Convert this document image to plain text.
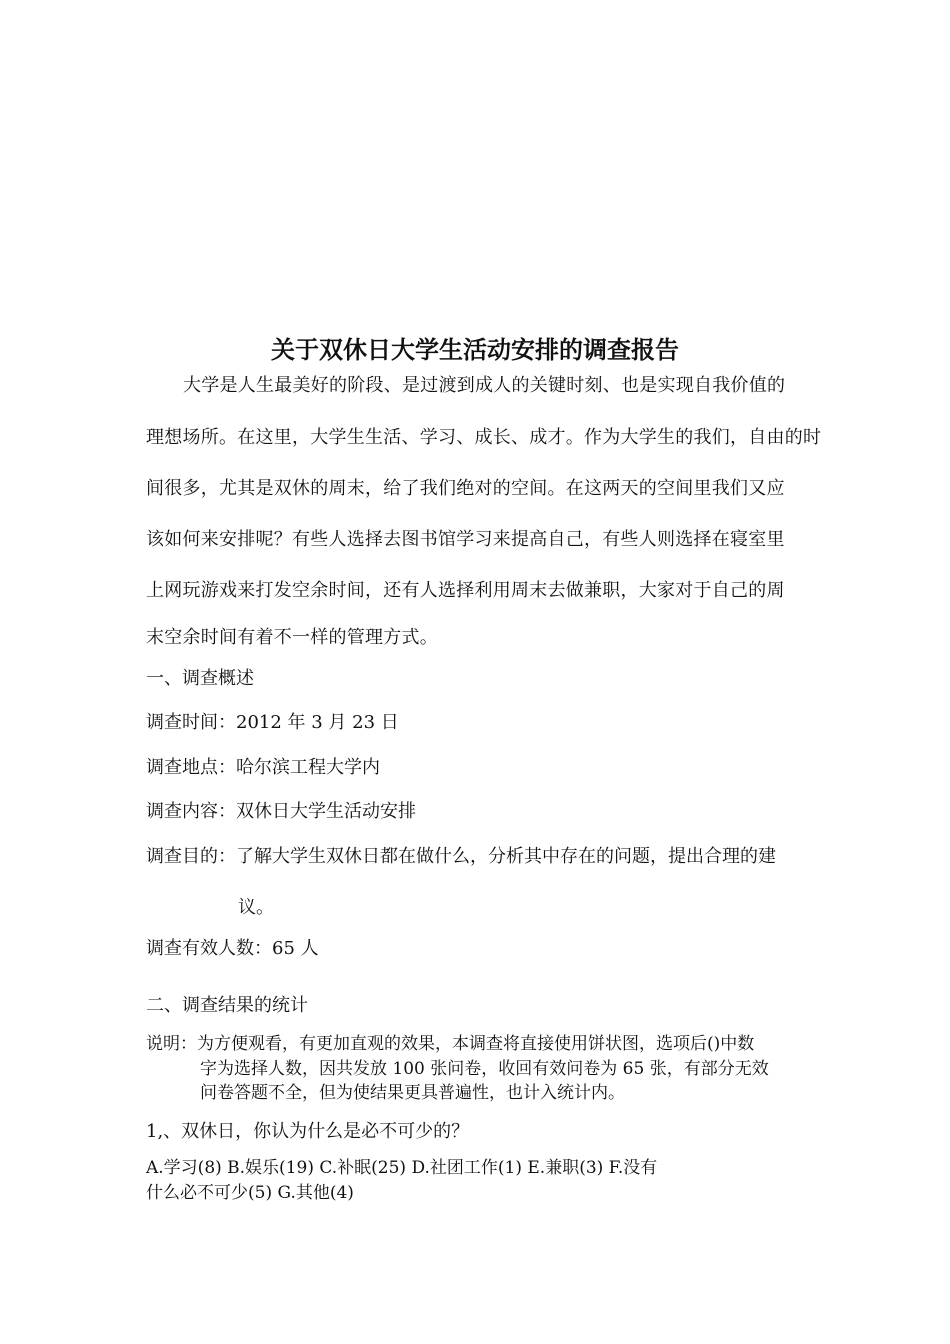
关于双休日大学生活动安排的调查报告
大学是人生最美好的阶段、是过渡到成人的关键时刻、也是实现自我价值的
理想场所。在这里，大学生生活、学习、成长、成才。作为大学生的我们，自由的时
间很多，尤其是双休的周末，给了我们绝对的空间。在这两天的空间里我们又应
该如何来安排呢？有些人选择去图书馆学习来提高自己，有些人则选择在寝室里
上网玩游戏来打发空余时间，还有人选择利用周末去做兼职，大家对于自己的周
末空余时间有着不一样的管理方式。
一、调查概述
调查时间：2012 年 3 月 23 日
调查地点：哈尔滨工程大学内
调查内容：双休日大学生活动安排
调查目的：了解大学生双休日都在做什么，分析其中存在的问题，提出合理的建
议。
调查有效人数：65 人
二、调查结果的统计
说明：为方便观看，有更加直观的效果，本调查将直接使用饼状图，选项后()中数
字为选择人数，因共发放 100 张问卷，收回有效问卷为 65 张，有部分无效
问卷答题不全，但为使结果更具普遍性，也计入统计内。
1,、双休日，你认为什么是必不可少的？
A.学习(8) B.娱乐(19) C.补眠(25) D.社团工作(1) E.兼职(3) F.没有
什么必不可少(5) G.其他(4)
